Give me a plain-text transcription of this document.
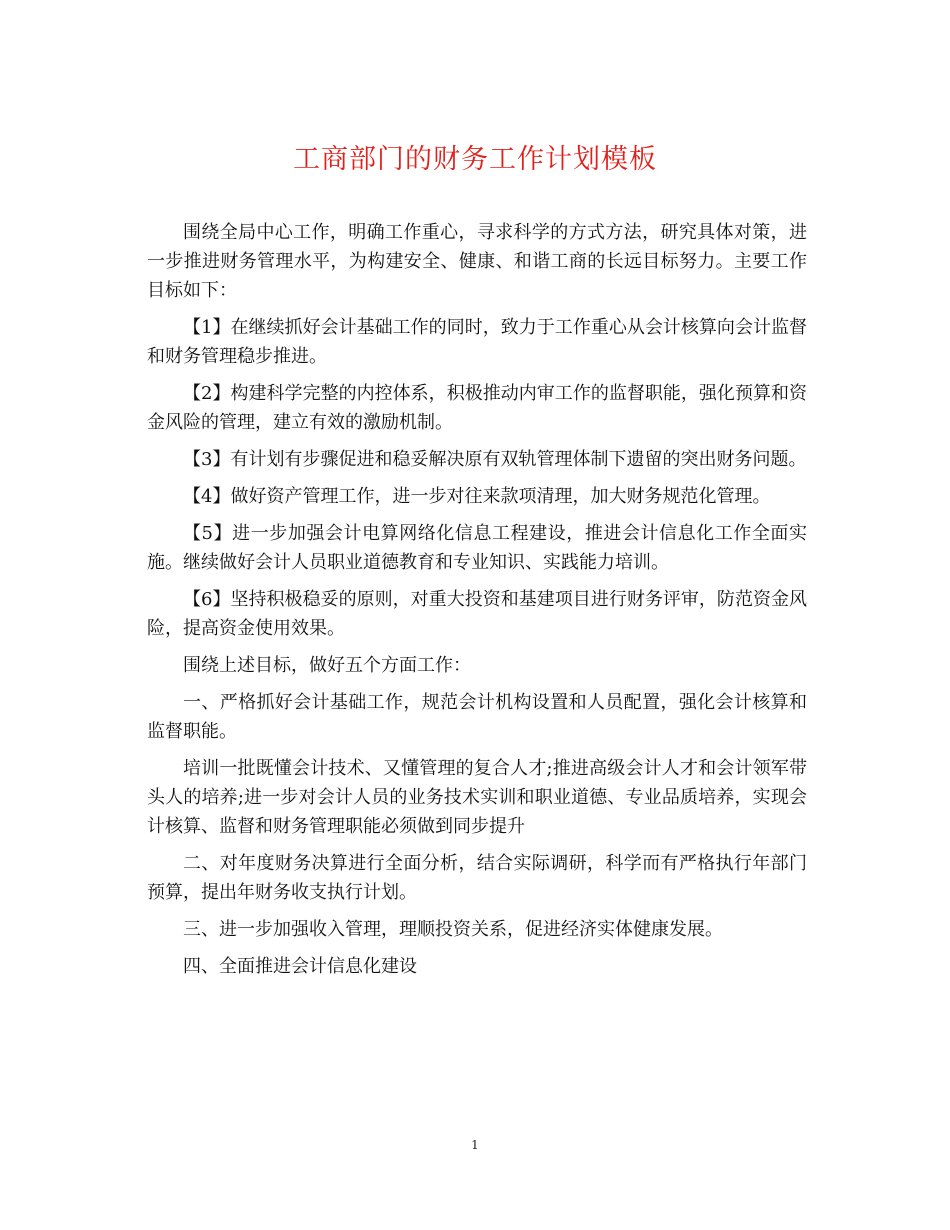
工商部门的财务工作计划模板

围绕全局中心工作，明确工作重心，寻求科学的方式方法，研究具体对策，进一步推进财务管理水平，为构建安全、健康、和谐工商的长远目标努力。主要工作目标如下：

【1】在继续抓好会计基础工作的同时，致力于工作重心从会计核算向会计监督和财务管理稳步推进。

【2】构建科学完整的内控体系，积极推动内审工作的监督职能，强化预算和资金风险的管理，建立有效的激励机制。

【3】有计划有步骤促进和稳妥解决原有双轨管理体制下遗留的突出财务问题。

【4】做好资产管理工作，进一步对往来款项清理，加大财务规范化管理。

【5】进一步加强会计电算网络化信息工程建设，推进会计信息化工作全面实施。继续做好会计人员职业道德教育和专业知识、实践能力培训。

【6】坚持积极稳妥的原则，对重大投资和基建项目进行财务评审，防范资金风险，提高资金使用效果。

围绕上述目标，做好五个方面工作：

一、严格抓好会计基础工作，规范会计机构设置和人员配置，强化会计核算和监督职能。

培训一批既懂会计技术、又懂管理的复合人才;推进高级会计人才和会计领军带头人的培养;进一步对会计人员的业务技术实训和职业道德、专业品质培养，实现会计核算、监督和财务管理职能必须做到同步提升

二、对年度财务决算进行全面分析，结合实际调研，科学而有严格执行年部门预算，提出年财务收支执行计划。

三、进一步加强收入管理，理顺投资关系，促进经济实体健康发展。

四、全面推进会计信息化建设

1
